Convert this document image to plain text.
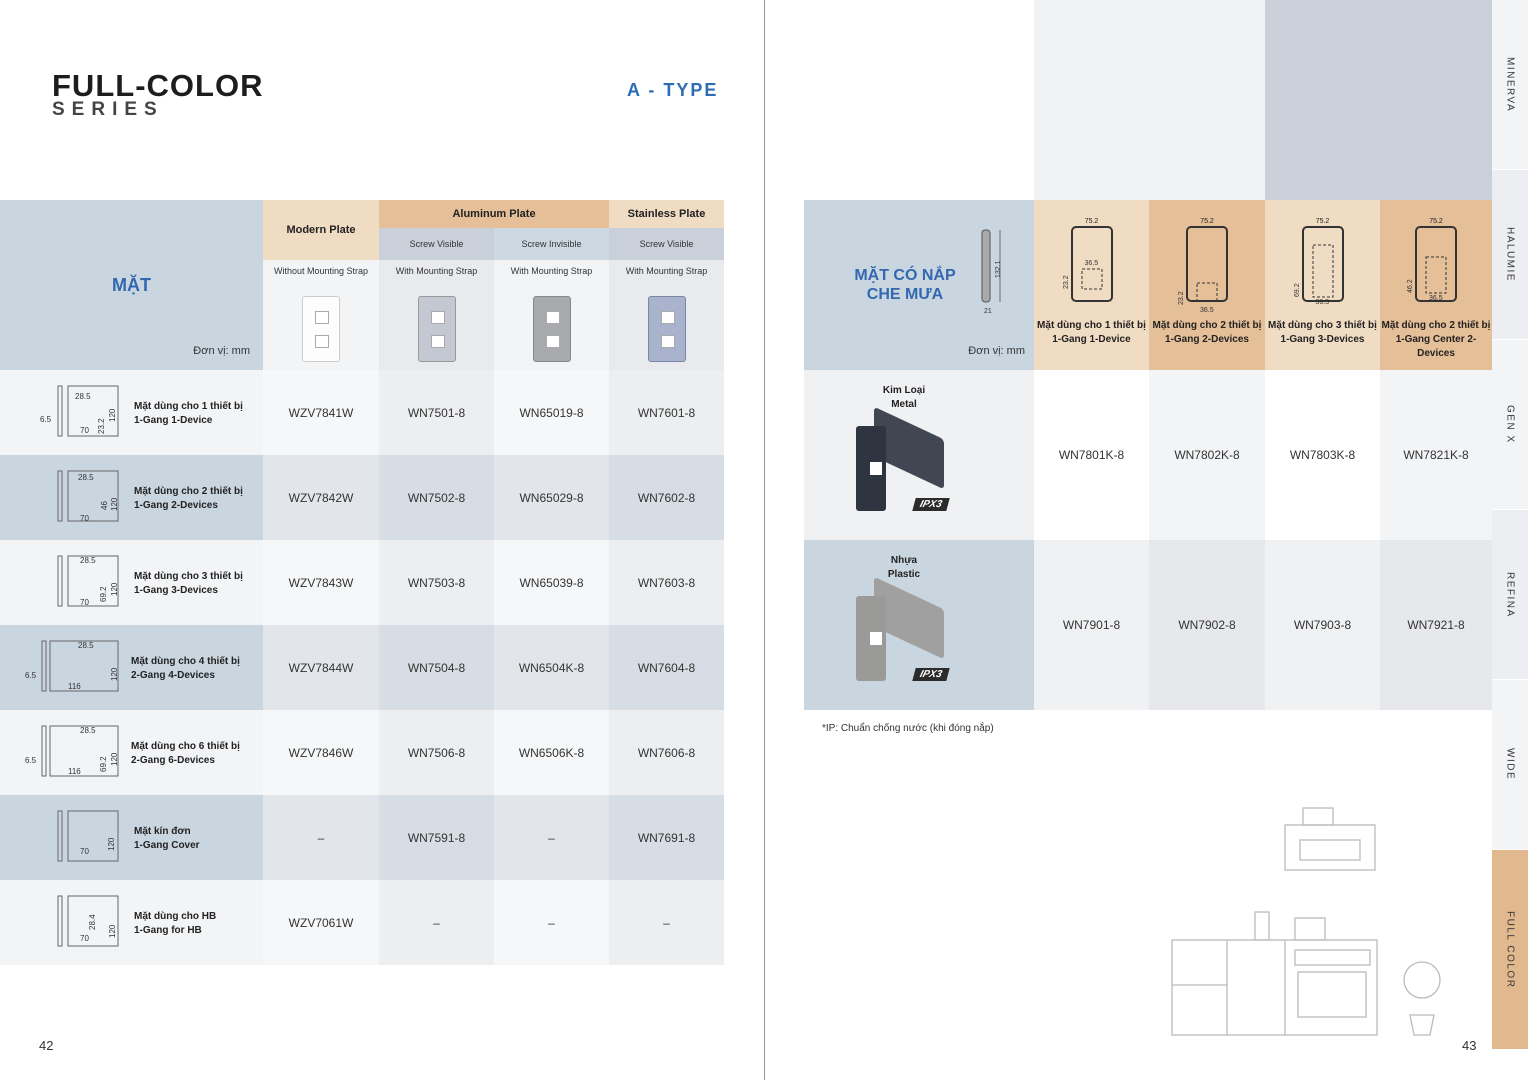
FULL-COLOR
SERIES
A - TYPE
MẶT
Đơn vị: mm
Modern Plate
Aluminum Plate	Stainless Plate
Screw Visible	Screw Invisible	Screw Visible
Without Mounting Strap	With Mounting Strap	With Mounting Strap	With Mounting Strap
28.5
120
70 23.2
6.5
Mặt dùng cho 1 thiết bị
1-Gang 1-Device
WZV7841W	WN7501-8	WN65019-8	WN7601-8
28.5
120
70
46
Mặt dùng cho 2 thiết bị
1-Gang 2-Devices
WZV7842W	WN7502-8	WN65029-8	WN7602-8
28.5
120
70
69.2
Mặt dùng cho 3 thiết bị
1-Gang 3-Devices
WZV7843W	WN7503-8	WN65039-8	WN7603-8
28.5
120
116
6.5
Mặt dùng cho 4 thiết bị
2-Gang 4-Devices
WZV7844W	WN7504-8	WN6504K-8	WN7604-8
28.5
120
116 69.2
6.5
Mặt dùng cho 6 thiết bị
2-Gang 6-Devices
WZV7846W	WN7506-8	WN6506K-8	WN7606-8
120
70
Mặt kín đơn
1-Gang Cover
–	WN7591-8	–	WN7691-8
120
70
28.4	Mặt dùng cho HB
1-Gang for HB
WZV7061W	–	–	–
MẶT CÓ NẮP CHE MƯA
Đơn vị: mm
132.1
21
75.2
36.5
23.2
Mặt dùng cho 1 thiết bị
1-Gang 1-Device
75.2
36.5
23.2
Mặt dùng cho 2 thiết bị
1-Gang 2-Devices
75.2
36.5
69.2
Mặt dùng cho 3 thiết bị
1-Gang 3-Devices
75.2
36.5
46.2
Mặt dùng cho 2 thiết bị
1-Gang Center 2-Devices
Kim Loại
Metal
IPX3
WN7801K-8	WN7802K-8	WN7803K-8	WN7821K-8
Nhựa
Plastic
IPX3
WN7901-8	WN7902-8	WN7903-8	WN7921-8
*IP: Chuẩn chống nước (khi đóng nắp)
42	43
MINERVA
HALUMIE
GEN X
REFINA
WIDE
FULL COLOR
